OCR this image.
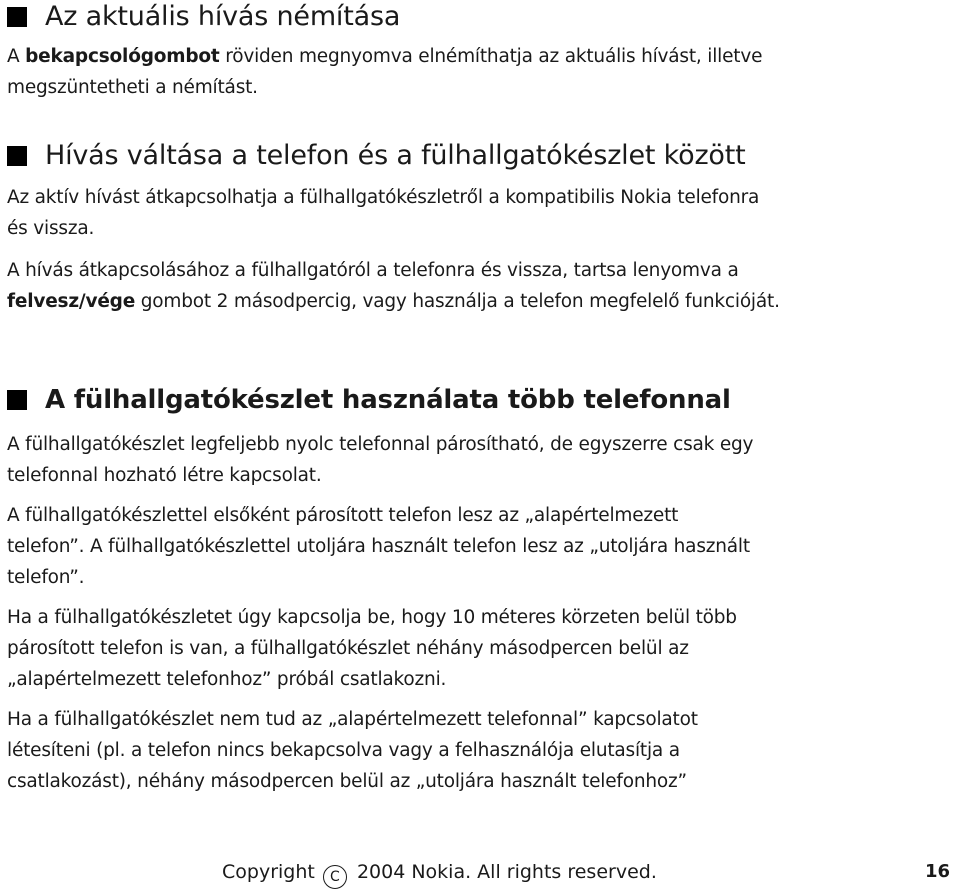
Az aktuális hívás némítása

A bekapcsológombot röviden megnyomva elnémíthatja az aktuális hívást, illetve megszüntetheti a némítást.

Hívás váltása a telefon és a fülhallgatókészlet között

Az aktív hívást átkapcsolhatja a fülhallgatókészletről a kompatibilis Nokia telefonra és vissza.

A hívás átkapcsolásához a fülhallgatóról a telefonra és vissza, tartsa lenyomva a felvesz/vége gombot 2 másodpercig, vagy használja a telefon megfelelő funkcióját.

A fülhallgatókészlet használata több telefonnal

A fülhallgatókészlet legfeljebb nyolc telefonnal párosítható, de egyszerre csak egy telefonnal hozható létre kapcsolat.

A fülhallgatókészlettel elsőként párosított telefon lesz az „alapértelmezett telefon”. A fülhallgatókészlettel utoljára használt telefon lesz az „utoljára használt telefon”.

Ha a fülhallgatókészletet úgy kapcsolja be, hogy 10 méteres körzeten belül több párosított telefon is van, a fülhallgatókészlet néhány másodpercen belül az „alapértelmezett telefonhoz” próbál csatlakozni.

Ha a fülhallgatókészlet nem tud az „alapértelmezett telefonnal” kapcsolatot létesíteni (pl. a telefon nincs bekapcsolva vagy a felhasználója elutasítja a csatlakozást), néhány másodpercen belül az „utoljára használt telefonhoz”

Copyright C 2004 Nokia. All rights reserved.	16
